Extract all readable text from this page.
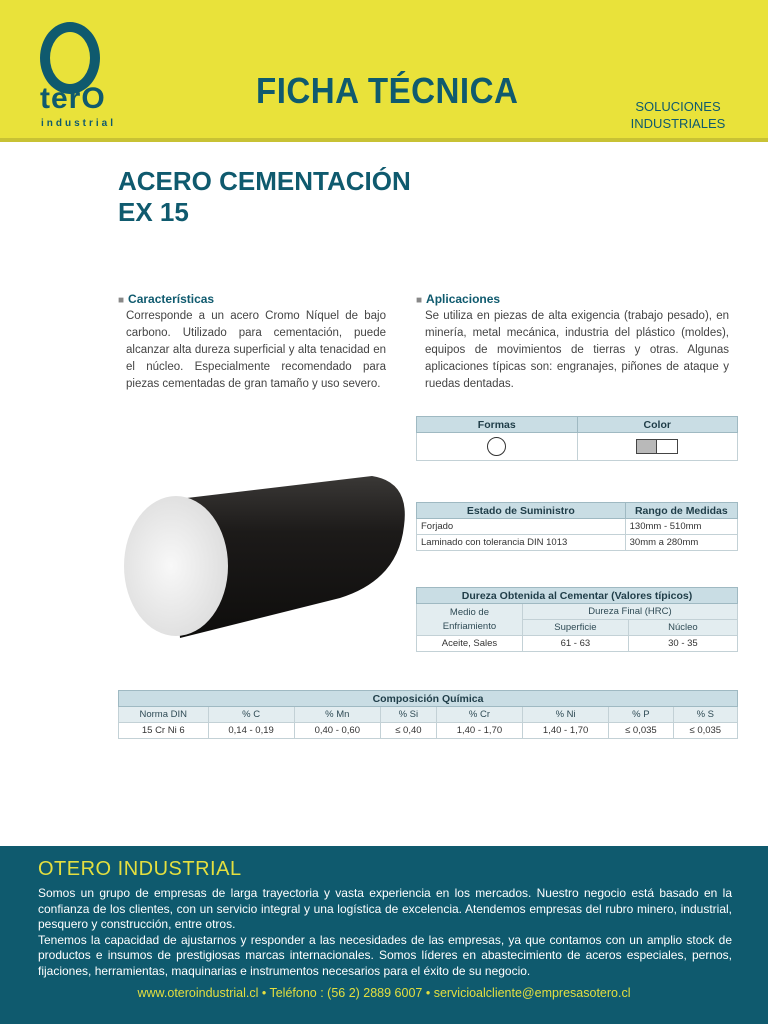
terO
industrial
FICHA TÉCNICA	SOLUCIONES
INDUSTRIALES
ACERO CEMENTACIÓN
EX 15
■ Características
Corresponde a un acero Cromo Níquel de bajo carbono. Utilizado para cementación, puede alcanzar alta dureza superficial y alta tenacidad en el núcleo. Especialmente recomendado para piezas cementadas de gran tamaño y uso severo.
■ Aplicaciones
Se utiliza en piezas de alta exigencia (trabajo pesado), en minería, metal mecánica, industria del plástico (moldes), equipos de movimientos de tierras y otras. Algunas aplicaciones típicas son: engranajes, piñones de ataque y ruedas dentadas.
Formas	Color

Estado de Suministro	Rango de Medidas
Forjado	130mm - 510mm
Laminado con tolerancia DIN 1013	30mm a 280mm
Dureza Obtenida al Cementar (Valores típicos)		

Medio de
Enfriamiento	Dureza Final (HRC)	
	Superficie	Núcleo
Aceite, Sales	61 - 63	30 - 35
Composición Química							
Norma DIN	% C	% Mn	% Si	% Cr	% Ni	% P	% S
15 Cr Ni 6	0,14 - 0,19	0,40 - 0,60	≤ 0,40	1,40 - 1,70	1,40 - 1,70	≤ 0,035	≤ 0,035
OTERO INDUSTRIAL

Somos un grupo de empresas de larga trayectoria y vasta experiencia en los mercados. Nuestro negocio está basado en la confianza de los clientes, con un servicio integral y una logística de excelencia. Atendemos empresas del rubro minero, industrial, pesquero y construcción, entre otros.

Tenemos la capacidad de ajustarnos y responder a las necesidades de las empresas, ya que contamos con un amplio stock de productos e insumos de prestigiosas marcas internacionales. Somos líderes en abastecimiento de aceros especiales, pernos, fijaciones, herramientas, maquinarias e instrumentos necesarios para el éxito de su negocio.

www.oteroindustrial.cl • Teléfono : (56 2) 2889 6007 • servicioalcliente@empresasotero.cl
